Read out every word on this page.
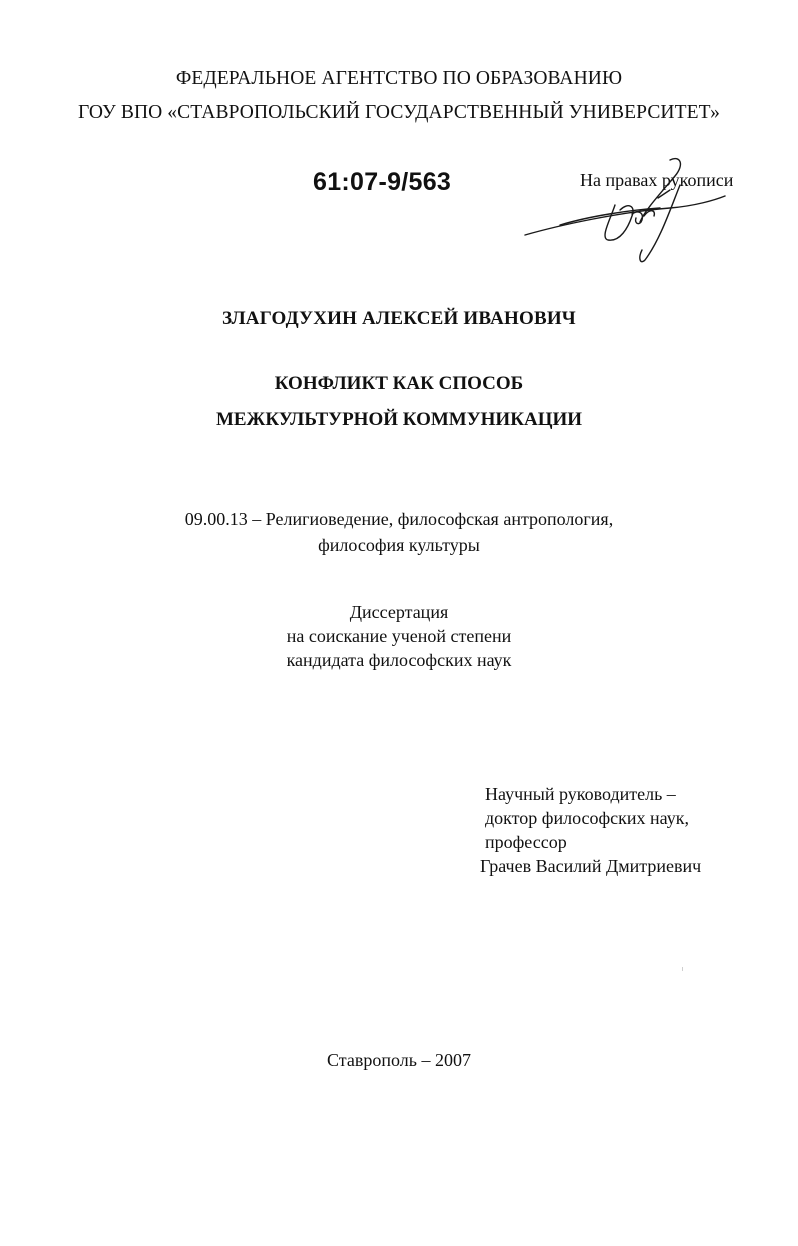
ФЕДЕРАЛЬНОЕ АГЕНТСТВО ПО ОБРАЗОВАНИЮ
ГОУ ВПО «СТАВРОПОЛЬСКИЙ ГОСУДАРСТВЕННЫЙ УНИВЕРСИТЕТ»
61:07-9/563	На правах рукописи
ЗЛАГОДУХИН АЛЕКСЕЙ ИВАНОВИЧ
КОНФЛИКТ КАК СПОСОБ
МЕЖКУЛЬТУРНОЙ КОММУНИКАЦИИ
09.00.13 – Религиоведение, философская антропология,
философия культуры
Диссертация
на соискание ученой степени
кандидата философских наук
Научный руководитель –
доктор философских наук,
профессор
Грачев Василий Дмитриевич
Ставрополь – 2007
